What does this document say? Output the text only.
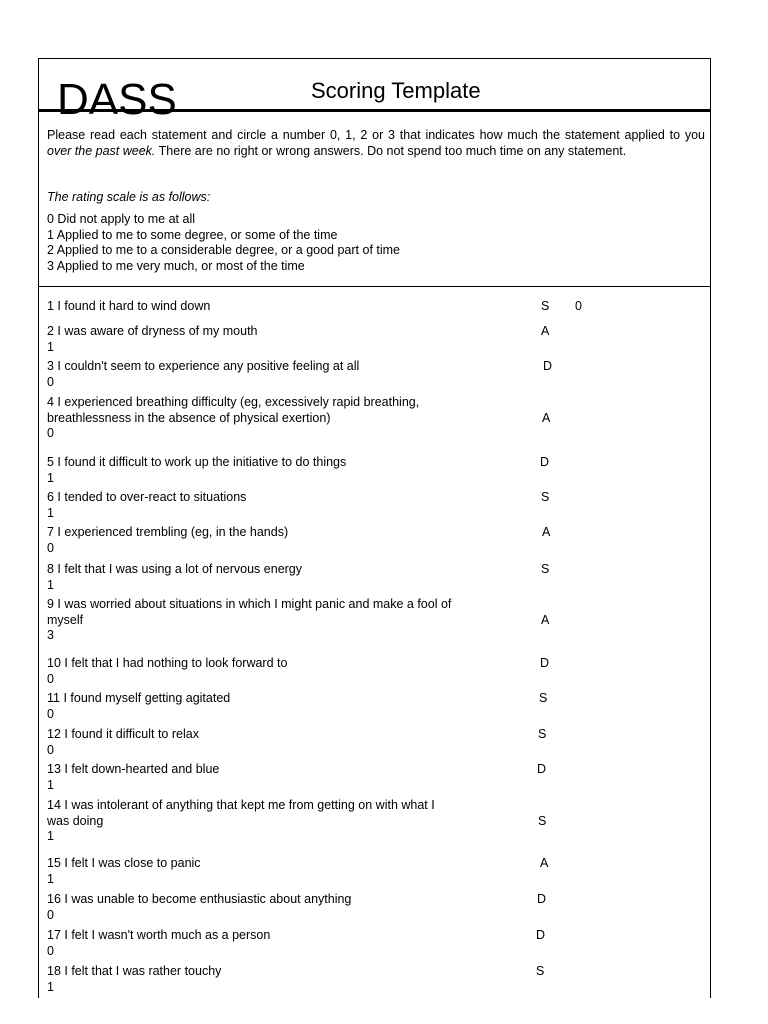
DASS	Scoring Template
Please read each statement and circle a number 0, 1, 2 or 3 that indicates how much the statement applied to you over the past week. There are no right or wrong answers. Do not spend too much time on any statement.
The rating scale is as follows:
0 Did not apply to me at all
1 Applied to me to some degree, or some of the time
2 Applied to me to a considerable degree, or a good part of time
3 Applied to me very much, or most of the time
1 I found it hard to wind down	S 0
2 I was aware of dryness of my mouth
1
A
3 I couldn't seem to experience any positive feeling at all
0
D
4 I experienced breathing difficulty (eg, excessively rapid breathing, breathlessness in the absence of physical exertion)
0
A
5 I found it difficult to work up the initiative to do things
1
D
6 I tended to over-react to situations
1
S
7 I experienced trembling (eg, in the hands)
0
A
8 I felt that I was using a lot of nervous energy
1
S
9 I was worried about situations in which I might panic and make a fool of myself
3
A
10 I felt that I had nothing to look forward to
0
D
11 I found myself getting agitated
0
S
12 I found it difficult to relax
0
S
13 I felt down-hearted and blue
1
D
14 I was intolerant of anything that kept me from getting on with what I was doing
1
S
15 I felt I was close to panic
1
A
16 I was unable to become enthusiastic about anything
0
D
17 I felt I wasn't worth much as a person
0
D
18 I felt that I was rather touchy
1
S
